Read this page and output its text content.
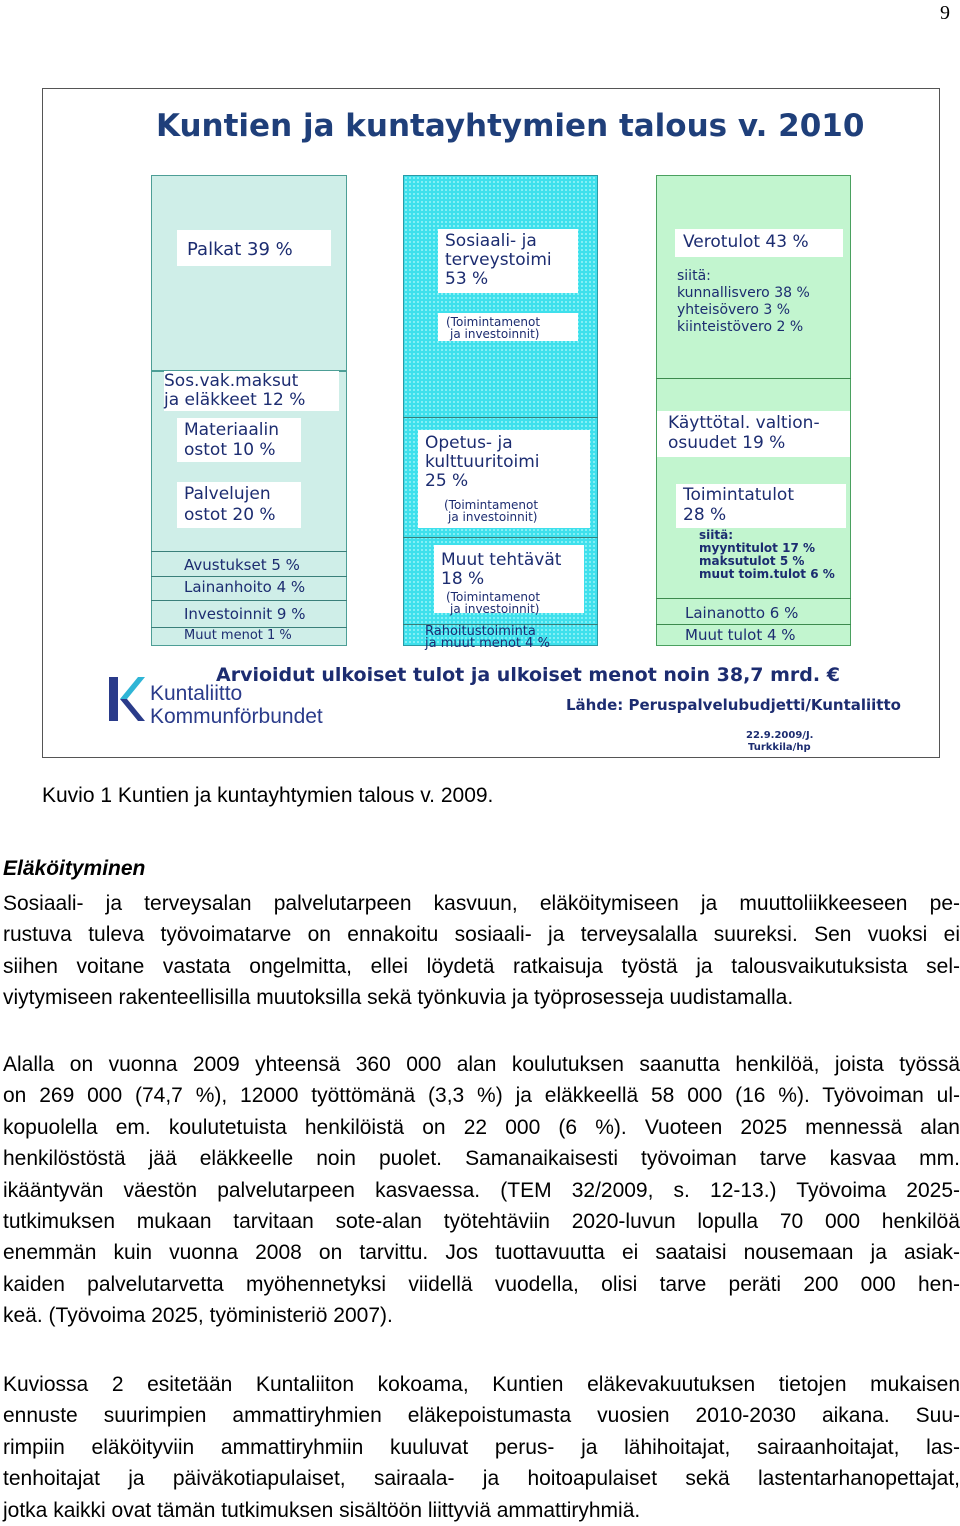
9
Kuntien ja kuntayhtymien talous v. 2010
Palkat 39 %
Sos.vak.maksut
ja eläkkeet 12 %
Materiaalin
ostot 10 %
Palvelujen
ostot 20 %
Avustukset 5 %
Lainanhoito 4 %
Investoinnit 9 %
Muut menot 1 %
Sosiaali- ja
terveystoimi
53 %
(Toimintamenot
ja investoinnit)
Opetus- ja
kulttuuritoimi
25 %
(Toimintamenot
ja investoinnit)
Muut tehtävät
18 %
(Toimintamenot
ja investoinnit)
Rahoitustoiminta
ja muut menot 4 %
Verotulot 43 %
siitä:
kunnallisvero 38 %
yhteisövero 3 %
kiinteistövero 2 %
Käyttötal. valtion-
osuudet 19 %
Toimintatulot
28 %
siitä:
myyntitulot 17 %
maksutulot 5 %
muut toim.tulot 6 %
Lainanotto 6 %
Muut tulot 4 %
Arvioidut ulkoiset tulot ja ulkoiset menot noin 38,7 mrd. €
Lähde: Peruspalvelubudjetti/Kuntaliitto
22.9.2009/J.
Turkkila/hp
Kuntaliitto
Kommunförbundet
Kuvio 1 Kuntien ja kuntayhtymien talous v. 2009.
Eläköityminen
Sosiaali- ja terveysalan palvelutarpeen kasvuun, eläköitymiseen ja muuttoliikkeeseen pe-
rustuva tuleva työvoimatarve on ennakoitu sosiaali- ja terveysalalla suureksi. Sen vuoksi ei
siihen voitane vastata ongelmitta, ellei löydetä ratkaisuja työstä ja talousvaikutuksista sel-
viytymiseen rakenteellisilla muutoksilla sekä työnkuvia ja työprosesseja uudistamalla.
Alalla on vuonna 2009 yhteensä 360 000 alan koulutuksen saanutta henkilöä, joista työssä
on 269 000 (74,7 %), 12000 työttömänä (3,3 %) ja eläkkeellä 58 000 (16 %). Työvoiman ul-
kopuolella em. koulutetuista henkilöistä on 22 000 (6 %). Vuoteen 2025 mennessä alan
henkilöstöstä jää eläkkeelle noin puolet. Samanaikaisesti työvoiman tarve kasvaa mm.
ikääntyvän väestön palvelutarpeen kasvaessa. (TEM 32/2009, s. 12-13.) Työvoima 2025-
tutkimuksen mukaan tarvitaan sote-alan työtehtäviin 2020-luvun lopulla 70 000 henkilöä
enemmän kuin vuonna 2008 on tarvittu. Jos tuottavuutta ei saataisi nousemaan ja asiak-
kaiden palvelutarvetta myöhennetyksi viidellä vuodella, olisi tarve peräti 200 000 hen-
keä. (Työvoima 2025, työministeriö 2007).
Kuviossa 2 esitetään Kuntaliiton kokoama, Kuntien eläkevakuutuksen tietojen mukaisen
ennuste suurimpien ammattiryhmien eläkepoistumasta vuosien 2010-2030 aikana. Suu-
rimpiin eläköityviin ammattiryhmiin kuuluvat perus- ja lähihoitajat, sairaanhoitajat, las-
tenhoitajat ja päiväkotiapulaiset, sairaala- ja hoitoapulaiset sekä lastentarhanopettajat,
jotka kaikki ovat tämän tutkimuksen sisältöön liittyviä ammattiryhmiä.
